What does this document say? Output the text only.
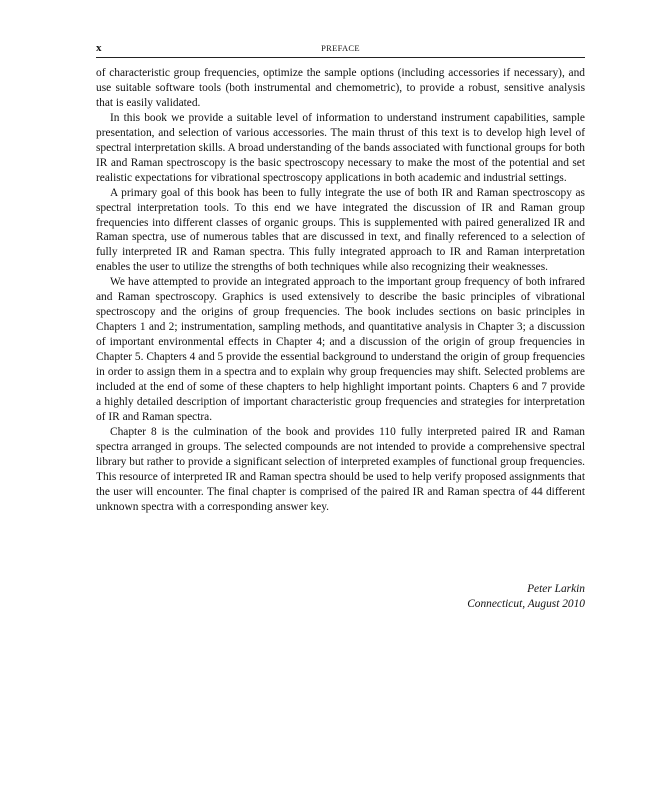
x	PREFACE

of characteristic group frequencies, optimize the sample options (including accessories if necessary), and use suitable software tools (both instrumental and chemometric), to provide a robust, sensitive analysis that is easily validated.

In this book we provide a suitable level of information to understand instrument capabilities, sample presentation, and selection of various accessories. The main thrust of this text is to develop high level of spectral interpretation skills. A broad understanding of the bands associated with functional groups for both IR and Raman spectroscopy is the basic spectroscopy necessary to make the most of the potential and set realistic expectations for vibrational spectroscopy applications in both academic and industrial settings.

A primary goal of this book has been to fully integrate the use of both IR and Raman spectroscopy as spectral interpretation tools. To this end we have integrated the discussion of IR and Raman group frequencies into different classes of organic groups. This is supplemented with paired generalized IR and Raman spectra, use of numerous tables that are discussed in text, and finally referenced to a selection of fully interpreted IR and Raman spectra. This fully integrated approach to IR and Raman interpretation enables the user to utilize the strengths of both techniques while also recognizing their weaknesses.

We have attempted to provide an integrated approach to the important group frequency of both infrared and Raman spectroscopy. Graphics is used extensively to describe the basic principles of vibrational spectroscopy and the origins of group frequencies. The book includes sections on basic principles in Chapters 1 and 2; instrumentation, sampling methods, and quantitative analysis in Chapter 3; a discussion of important environmental effects in Chapter 4; and a discussion of the origin of group frequencies in Chapter 5. Chapters 4 and 5 provide the essential background to understand the origin of group frequencies in order to assign them in a spectra and to explain why group frequencies may shift. Selected problems are included at the end of some of these chapters to help highlight important points. Chapters 6 and 7 provide a highly detailed description of important characteristic group frequencies and strategies for interpretation of IR and Raman spectra.

Chapter 8 is the culmination of the book and provides 110 fully interpreted paired IR and Raman spectra arranged in groups. The selected compounds are not intended to provide a comprehensive spectral library but rather to provide a significant selection of interpreted examples of functional group frequencies. This resource of interpreted IR and Raman spectra should be used to help verify proposed assignments that the user will encounter. The final chapter is comprised of the paired IR and Raman spectra of 44 different unknown spectra with a corresponding answer key.

Peter Larkin
Connecticut, August 2010
